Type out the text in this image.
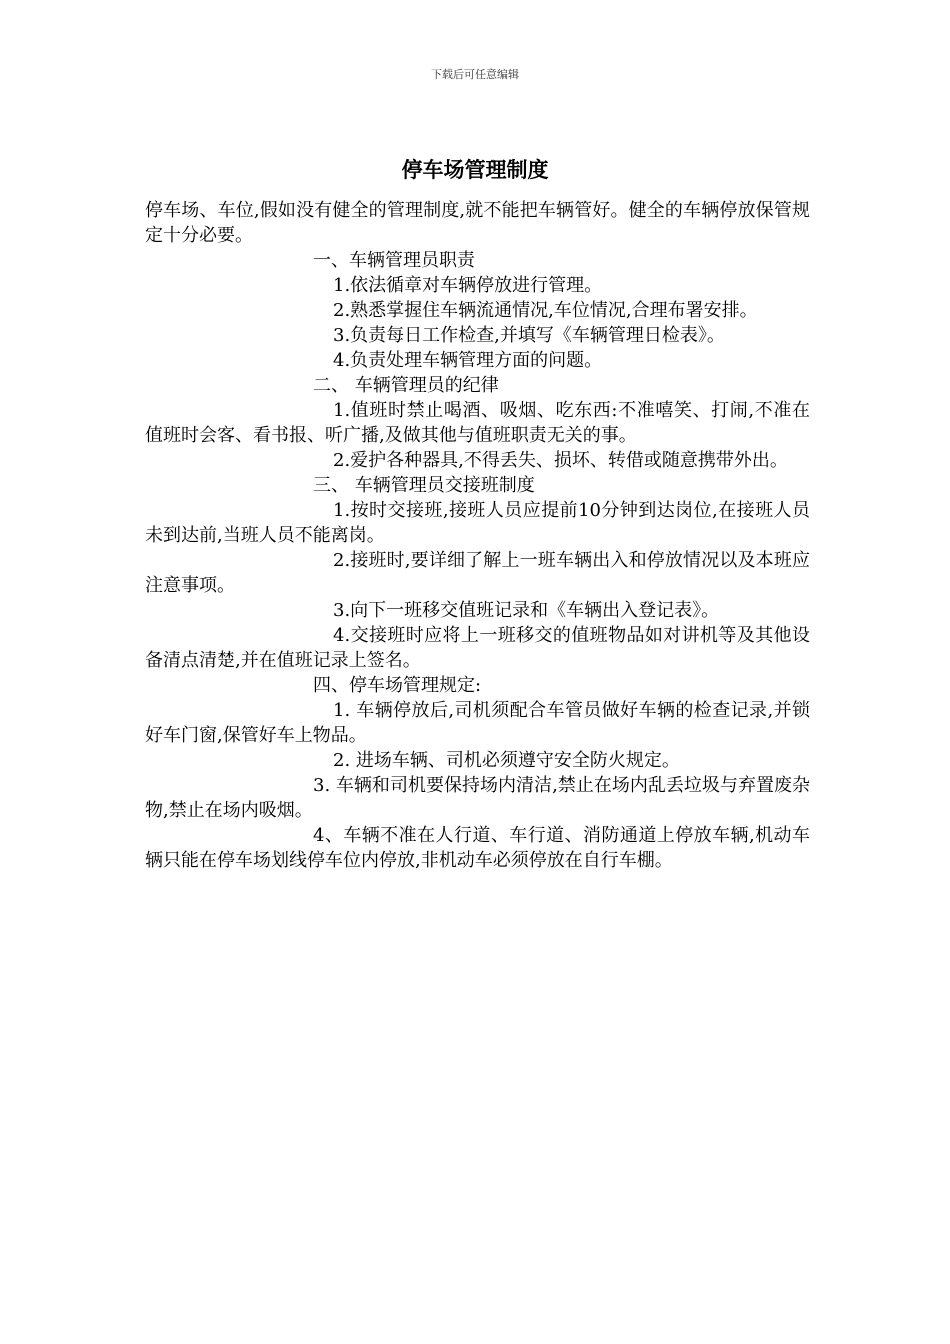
下载后可任意编辑
停车场管理制度

停车场、车位,假如没有健全的管理制度,就不能把车辆管好。健全的车辆停放保管规定十分必要。

一、车辆管理员职责

1.依法循章对车辆停放进行管理。

2.熟悉掌握住车辆流通情况,车位情况,合理布署安排。

3.负责每日工作检查,并填写《车辆管理日检表》。

4.负责处理车辆管理方面的问题。

二、 车辆管理员的纪律

1.值班时禁止喝酒、吸烟、吃东西:不准嘻笑、打闹,不准在值班时会客、看书报、听广播,及做其他与值班职责无关的事。

2.爱护各种器具,不得丢失、损坏、转借或随意携带外出。

三、 车辆管理员交接班制度

1.按时交接班,接班人员应提前10分钟到达岗位,在接班人员未到达前,当班人员不能离岗。

2.接班时,要详细了解上一班车辆出入和停放情况以及本班应注意事项。

3.向下一班移交值班记录和《车辆出入登记表》。

4.交接班时应将上一班移交的值班物品如对讲机等及其他设备清点清楚,并在值班记录上签名。

四、停车场管理规定:

1. 车辆停放后,司机须配合车管员做好车辆的检查记录,并锁好车门窗,保管好车上物品。

2. 进场车辆、司机必须遵守安全防火规定。

3. 车辆和司机要保持场内清洁,禁止在场内乱丢垃圾与弃置废杂物,禁止在场内吸烟。

4、车辆不准在人行道、车行道、消防通道上停放车辆,机动车辆只能在停车场划线停车位内停放,非机动车必须停放在自行车棚。
